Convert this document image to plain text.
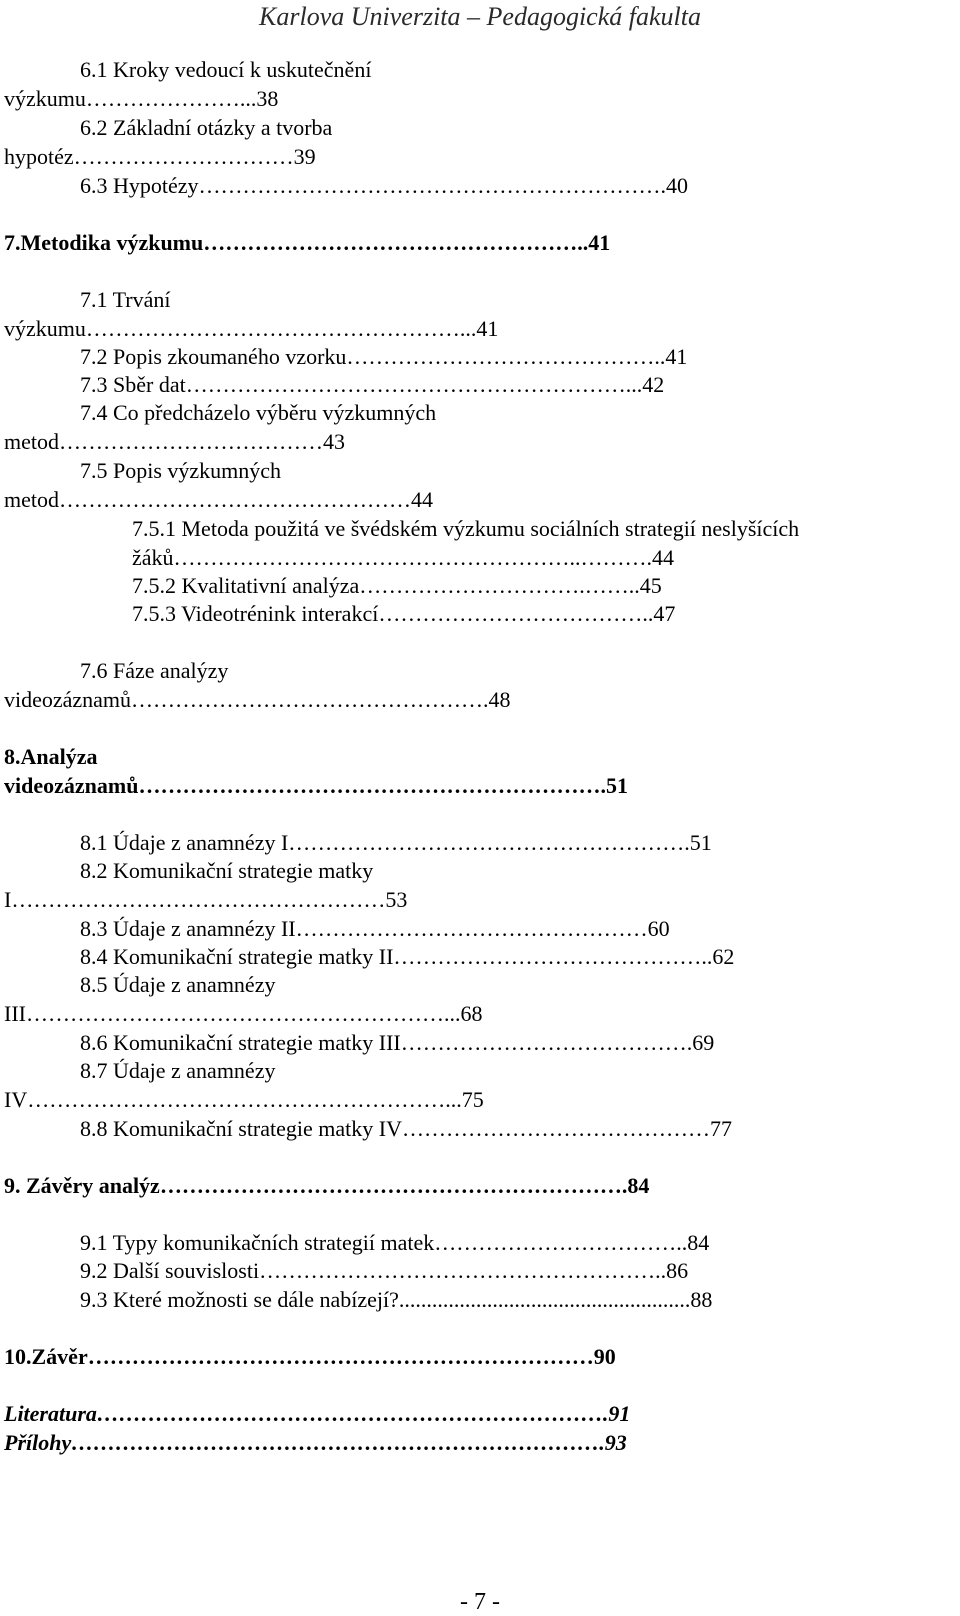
Karlova Univerzita – Pedagogická fakulta
6.1 Kroky vedoucí k uskutečnění
výzkumu…………………...38
6.2 Základní otázky a tvorba
hypotéz…………………………39
6.3 Hypotézy……………………………………………………….40
7.Metodika výzkumu……………………………………………..41
7.1 Trvání
výzkumu……………………………………………...41
7.2 Popis zkoumaného vzorku……………………………………..41
7.3 Sběr dat……………………………………………………...42
7.4 Co předcházelo výběru výzkumných
metod………………………………43
7.5 Popis výzkumných
metod…………………………………………44
7.5.1 Metoda použitá ve švédském výzkumu sociálních strategií neslyšících
žáků………………………………………………..……….44
7.5.2 Kvalitativní analýza………………………….……..45
7.5.3 Videotrénink interakcí………………………………..47
7.6 Fáze analýzy
videozáznamů………………………………………….48
8.Analýza
videozáznamů……………………………………………………….51
8.1 Údaje z anamnézy I……………………………………………….51
8.2 Komunikační strategie matky
I……………………………………………53
8.3 Údaje z anamnézy II…………………………………………60
8.4 Komunikační strategie matky II……………………………………..62
8.5 Údaje z anamnézy
III…………………………………………………...68
8.6 Komunikační strategie matky III………………………………….69
8.7 Údaje z anamnézy
IV…………………………………………………...75
8.8 Komunikační strategie matky IV……………………………………77
9. Závěry analýz……………………………………………………….84
9.1 Typy komunikačních strategií matek……………………………..84
9.2 Další souvislosti………………………………………………..86
9.3 Které možnosti se dále nabízejí?.....................................................88
10.Závěr……………………………………………………………90
Literatura…………………………………………………………….91
Přílohy……………………………………………………………….93
- 7 -
